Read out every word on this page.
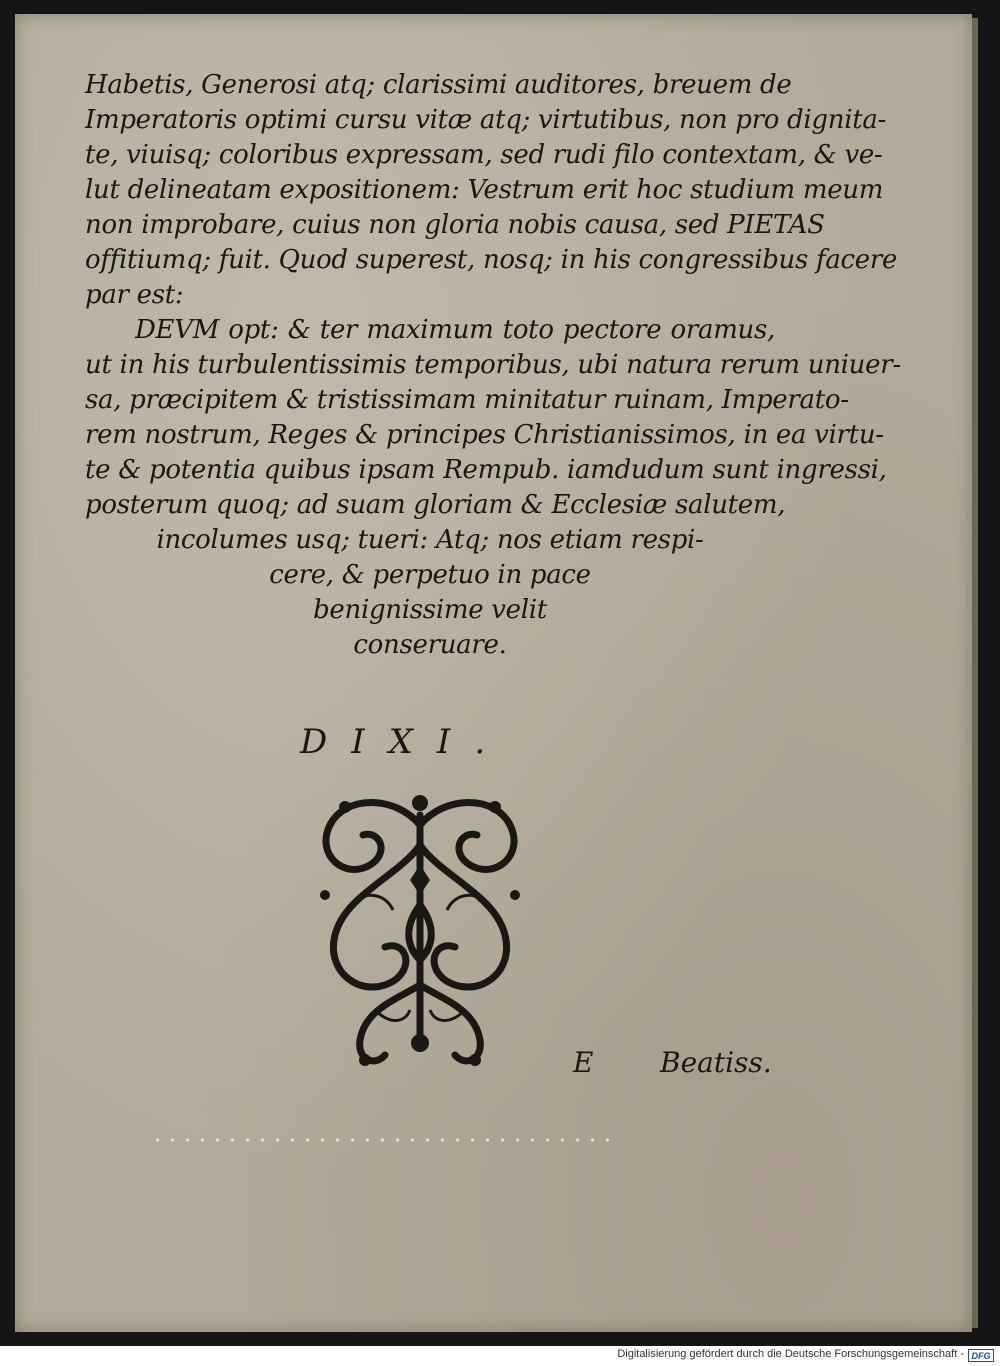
Habetis, Generosi atq; clarissimi auditores, breuem de
Imperatoris optimi cursu vitæ atq; virtutibus, non pro dignita-
te, viuisq; coloribus expressam, sed rudi filo contextam, & ve-
lut delineatam expositionem: Vestrum erit hoc studium meum
non improbare, cuius non gloria nobis causa, sed PIETAS
offitiumq; fuit. Quod superest, nosq; in his congressibus facere
par est:
DEVM opt: & ter maximum toto pectore oramus,
ut in his turbulentissimis temporibus, ubi natura rerum uniuer-
sa, præcipitem & tristissimam minitatur ruinam, Imperato-
rem nostrum, Reges & principes Christianissimos, in ea virtu-
te & potentia quibus ipsam Rempub. iamdudum sunt ingressi,
posterum quoq; ad suam gloriam & Ecclesiæ salutem,
incolumes usq; tueri: Atq; nos etiam respi-
cere, & perpetuo in pace
benignissime velit
conseruare.
DIXI.
E Beatiss.
Digitalisierung gefördert durch die Deutsche Forschungsgemeinschaft - DFG
